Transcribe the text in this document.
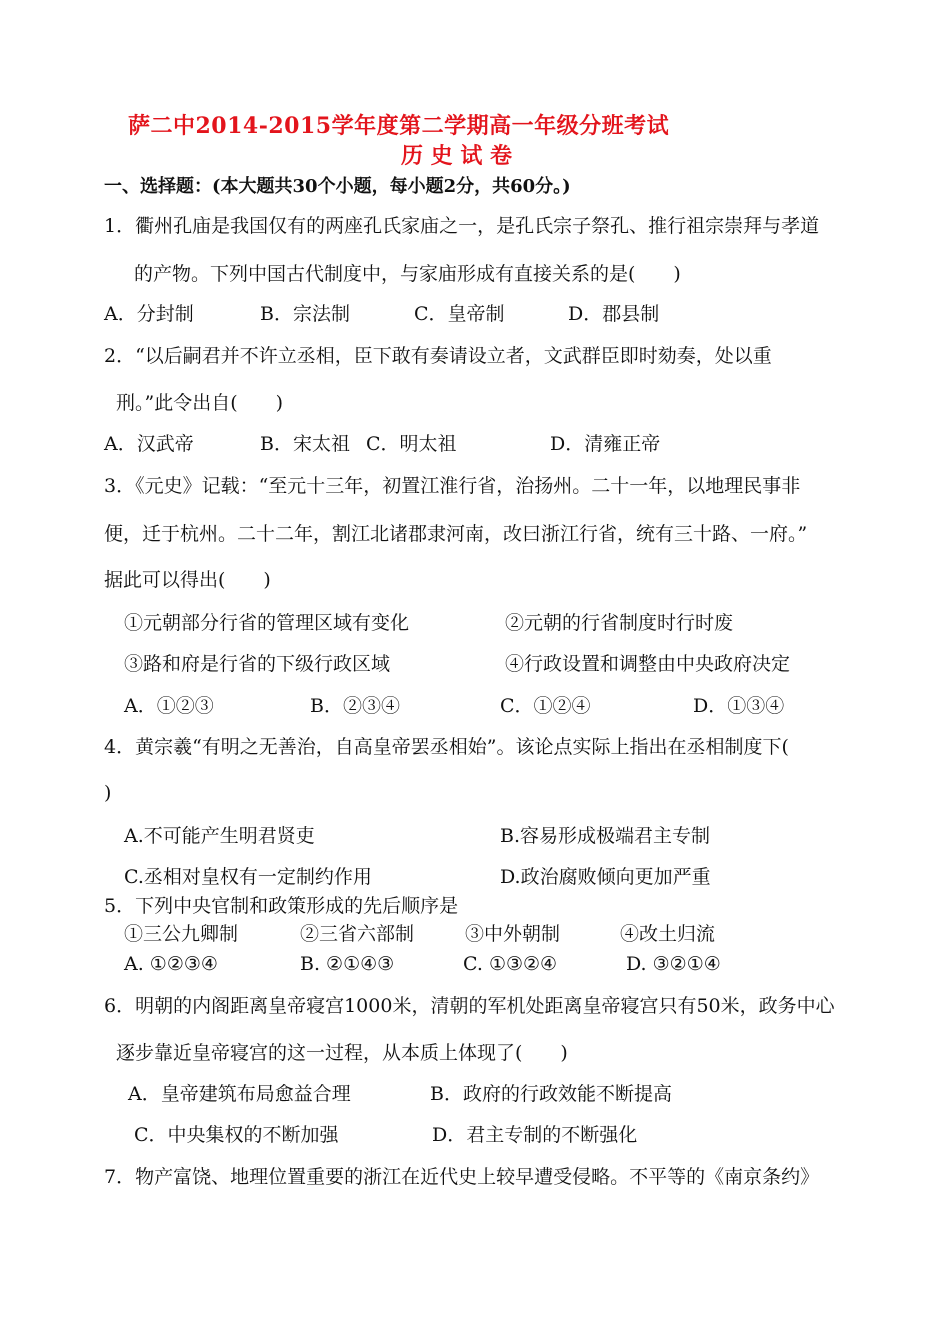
萨二中2014-2015学年度第二学期高一年级分班考试
历 史 试 卷
一、选择题：(本大题共30个小题，每小题2分，共60分。)
1．衢州孔庙是我国仅有的两座孔氏家庙之一，是孔氏宗子祭孔、推行祖宗崇拜与孝道
的产物。下列中国古代制度中，与家庙形成有直接关系的是(　　)
A．分封制	B．宗法制	C．皇帝制	D．郡县制
2．“以后嗣君并不许立丞相，臣下敢有奏请设立者，文武群臣即时劾奏，处以重
刑。”此令出自(　　)
A．汉武帝	B．宋太祖 C．明太祖	D．清雍正帝
3．《元史》记载：“至元十三年，初置江淮行省，治扬州。二十一年，以地理民事非
便，迁于杭州。二十二年，割江北诸郡隶河南，改曰浙江行省，统有三十路、一府。”
据此可以得出(　　)
①元朝部分行省的管理区域有变化	②元朝的行省制度时行时废
③路和府是行省的下级行政区域	④行政设置和调整由中央政府决定
A．①②③	B．②③④	C．①②④	D．①③④
4．黄宗羲“有明之无善治，自高皇帝罢丞相始”。该论点实际上指出在丞相制度下(
)
A.不可能产生明君贤吏	B.容易形成极端君主专制
C.丞相对皇权有一定制约作用	D.政治腐败倾向更加严重
5．下列中央官制和政策形成的先后顺序是
①三公九卿制	②三省六部制	③中外朝制	④改土归流
A. ①②③④	B. ②①④③	C. ①③②④	D. ③②①④
6．明朝的内阁距离皇帝寝宫1000米，清朝的军机处距离皇帝寝宫只有50米，政务中心
逐步靠近皇帝寝宫的这一过程，从本质上体现了(　　)
A．皇帝建筑布局愈益合理	B．政府的行政效能不断提高
C．中央集权的不断加强	D．君主专制的不断强化
7．物产富饶、地理位置重要的浙江在近代史上较早遭受侵略。不平等的《南京条约》
